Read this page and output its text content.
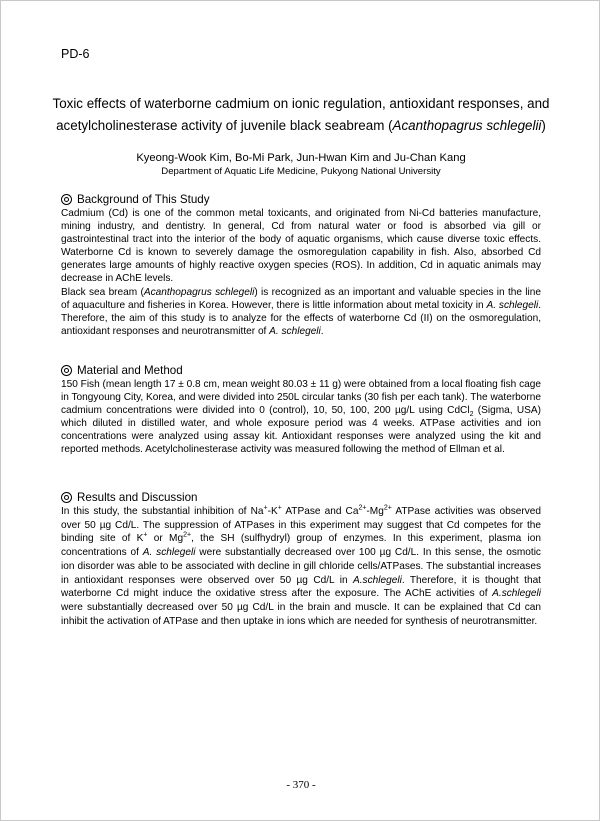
PD-6
Toxic effects of waterborne cadmium on ionic regulation, antioxidant responses, and acetylcholinesterase activity of juvenile black seabream (Acanthopagrus schlegelii)
Kyeong-Wook Kim, Bo-Mi Park, Jun-Hwan Kim and Ju-Chan Kang
Department of Aquatic Life Medicine, Pukyong National University
Background of This Study

Cadmium (Cd) is one of the common metal toxicants, and originated from Ni-Cd batteries manufacture, mining industry, and dentistry. In general, Cd from natural water or food is absorbed via gill or gastrointestinal tract into the interior of the body of aquatic organisms, which cause diverse toxic effects. Waterborne Cd is known to severely damage the osmoregulation capability in fish. Also, absorbed Cd generates large amounts of highly reactive oxygen species (ROS). In addition, Cd in aquatic animals may decrease in AChE levels.

Black sea bream (Acanthopagrus schlegeli) is recognized as an important and valuable species in the line of aquaculture and fisheries in Korea. However, there is little information about metal toxicity in A. schlegeli. Therefore, the aim of this study is to analyze for the effects of waterborne Cd (II) on the osmoregulation, antioxidant responses and neurotransmitter of A. schlegeli.

Material and Method

150 Fish (mean length 17 ± 0.8 cm, mean weight 80.03 ± 11 g) were obtained from a local floating fish cage in Tongyoung City, Korea, and were divided into 250L circular tanks (30 fish per each tank). The waterborne cadmium concentrations were divided into 0 (control), 10, 50, 100, 200 µg/L using CdCl$_2$ (Sigma, USA) which diluted in distilled water, and whole exposure period was 4 weeks. ATPase activities and ion concentrations were analyzed using assay kit. Antioxidant responses were analyzed using the kit and reported methods. Acetylcholinesterase activity was measured following the method of Ellman et al.

Results and Discussion

In this study, the substantial inhibition of Na+-K+ ATPase and $Ca^{2+}-Mg^{2+}$ ATPase activities was observed over 50 µg Cd/L. The suppression of ATPases in this experiment may suggest that Cd competes for the binding site of K+ or $Mg^{2+}$, the SH (sulfhydryl) group of enzymes. In this experiment, plasma ion concentrations of A. schlegeli were substantially decreased over 100 µg Cd/L. In this sense, the osmotic ion disorder was able to be associated with decline in gill chloride cells/ATPases. The substantial increases in antioxidant responses were observed over 50 µg Cd/L in A.schlegeli. Therefore, it is thought that waterborne Cd might induce the oxidative stress after the exposure. The AChE activities of A.schlegeli were substantially decreased over 50 µg Cd/L in the brain and muscle. It can be explained that Cd can inhibit the activation of ATPase and then uptake in ions which are needed for synthesis of neurotransmitter.

- 370 -
